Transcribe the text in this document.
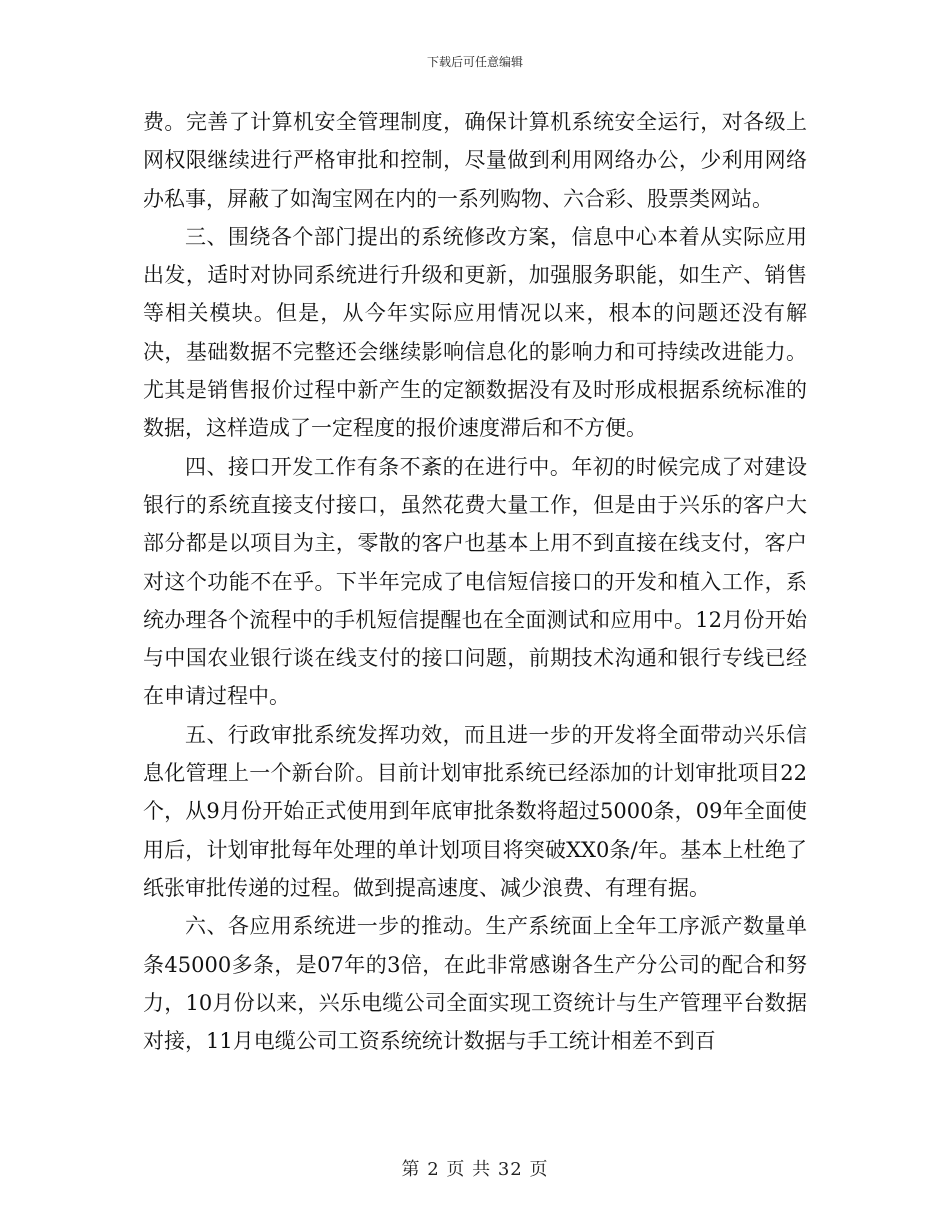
下载后可任意编辑

费。完善了计算机安全管理制度，确保计算机系统安全运行，对各级上网权限继续进行严格审批和控制，尽量做到利用网络办公，少利用网络办私事，屏蔽了如淘宝网在内的一系列购物、六合彩、股票类网站。

三、围绕各个部门提出的系统修改方案，信息中心本着从实际应用出发，适时对协同系统进行升级和更新，加强服务职能，如生产、销售等相关模块。但是，从今年实际应用情况以来，根本的问题还没有解决，基础数据不完整还会继续影响信息化的影响力和可持续改进能力。尤其是销售报价过程中新产生的定额数据没有及时形成根据系统标准的数据，这样造成了一定程度的报价速度滞后和不方便。

四、接口开发工作有条不紊的在进行中。年初的时候完成了对建设银行的系统直接支付接口，虽然花费大量工作，但是由于兴乐的客户大部分都是以项目为主，零散的客户也基本上用不到直接在线支付，客户对这个功能不在乎。下半年完成了电信短信接口的开发和植入工作，系统办理各个流程中的手机短信提醒也在全面测试和应用中。12月份开始与中国农业银行谈在线支付的接口问题，前期技术沟通和银行专线已经在申请过程中。

五、行政审批系统发挥功效，而且进一步的开发将全面带动兴乐信息化管理上一个新台阶。目前计划审批系统已经添加的计划审批项目22个，从9月份开始正式使用到年底审批条数将超过5000条，09年全面使用后，计划审批每年处理的单计划项目将突破XX0条/年。基本上杜绝了纸张审批传递的过程。做到提高速度、减少浪费、有理有据。

六、各应用系统进一步的推动。生产系统面上全年工序派产数量单条45000多条，是07年的3倍，在此非常感谢各生产分公司的配合和努力，10月份以来，兴乐电缆公司全面实现工资统计与生产管理平台数据对接，11月电缆公司工资系统统计数据与手工统计相差不到百

第 2 页 共 32 页
